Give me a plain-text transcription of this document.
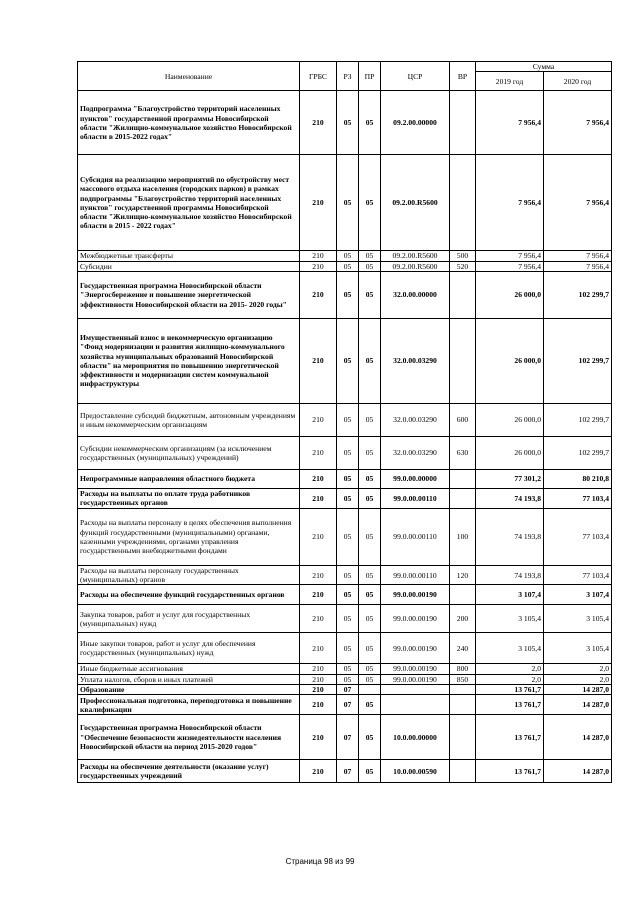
Наименование	ГРБС	РЗ	ПР	ЦСР	ВР	Сумма	
						2019 год	2020 год
Подпрограмма "Благоустройство территорий населенных пунктов" государственной программы Новосибирской области "Жилищно-коммунальное хозяйство Новосибирской области в 2015-2022 годах"	210	05	05	09.2.00.00000		7 956,4	7 956,4
Субсидия на реализацию мероприятий по обустройству мест массового отдыха населения (городских парков) в рамках подпрограммы "Благоустройство территорий населенных пунктов" государственной программы Новосибирской области "Жилищно-коммунальное хозяйство Новосибирской области в 2015 - 2022 годах"	210	05	05	09.2.00.R5600		7 956,4	7 956,4
Межбюджетные трансферты	210	05	05	09.2.00.R5600	500	7 956,4	7 956,4
Субсидии	210	05	05	09.2.00.R5600	520	7 956,4	7 956,4
Государственная программа Новосибирской области "Энергосбережение и повышение энергетической эффективности Новосибирской области на 2015- 2020 годы"	210	05	05	32.0.00.00000		26 000,0	102 299,7
Имущественный взнос в некоммерческую организацию "Фонд модернизации и развития жилищно-коммунального хозяйства муниципальных образований Новосибирской области" на мероприятия по повышению энергетической эффективности и модернизации систем коммунальной инфраструктуры	210	05	05	32.0.00.03290		26 000,0	102 299,7
Предоставление субсидий бюджетным, автономным учреждениям и иным некоммерческим организациям	210	05	05	32.0.00.03290	600	26 000,0	102 299,7
Субсидии некоммерческим организациям (за исключением государственных (муниципальных) учреждений)	210	05	05	32.0.00.03290	630	26 000,0	102 299,7
Непрограммные направления областного бюджета	210	05	05	99.0.00.00000		77 301,2	80 210,8
Расходы на выплаты по оплате труда работников государственных органов	210	05	05	99.0.00.00110		74 193,8	77 103,4
Расходы на выплаты персоналу в целях обеспечения выполнения функций государственными (муниципальными) органами, казенными учреждениями, органами управления государственными внебюджетными фондами	210	05	05	99.0.00.00110	100	74 193,8	77 103,4
Расходы на выплаты персоналу государственных (муниципальных) органов	210	05	05	99.0.00.00110	120	74 193,8	77 103,4
Расходы на обеспечение функций государственных органов	210	05	05	99.0.00.00190		3 107,4	3 107,4
Закупка товаров, работ и услуг для государственных (муниципальных) нужд	210	05	05	99.0.00.00190	200	3 105,4	3 105,4
Иные закупки товаров, работ и услуг для обеспечения государственных (муниципальных) нужд	210	05	05	99.0.00.00190	240	3 105,4	3 105,4
Иные бюджетные ассигнования	210	05	05	99.0.00.00190	800	2,0	2,0
Уплата налогов, сборов и иных платежей	210	05	05	99.0.00.00190	850	2,0	2,0
Образование	210	07				13 761,7	14 287,0
Профессиональная подготовка, переподготовка и повышение квалификации	210	07	05			13 761,7	14 287,0
Государственная программа Новосибирской области "Обеспечение безопасности жизнедеятельности населения Новосибирской области на период 2015-2020 годов"	210	07	05	10.0.00.00000		13 761,7	14 287,0
Расходы на обеспечение деятельности (оказание услуг) государственных учреждений	210	07	05	10.0.00.00590		13 761,7	14 287,0
Страница 98 из 99
